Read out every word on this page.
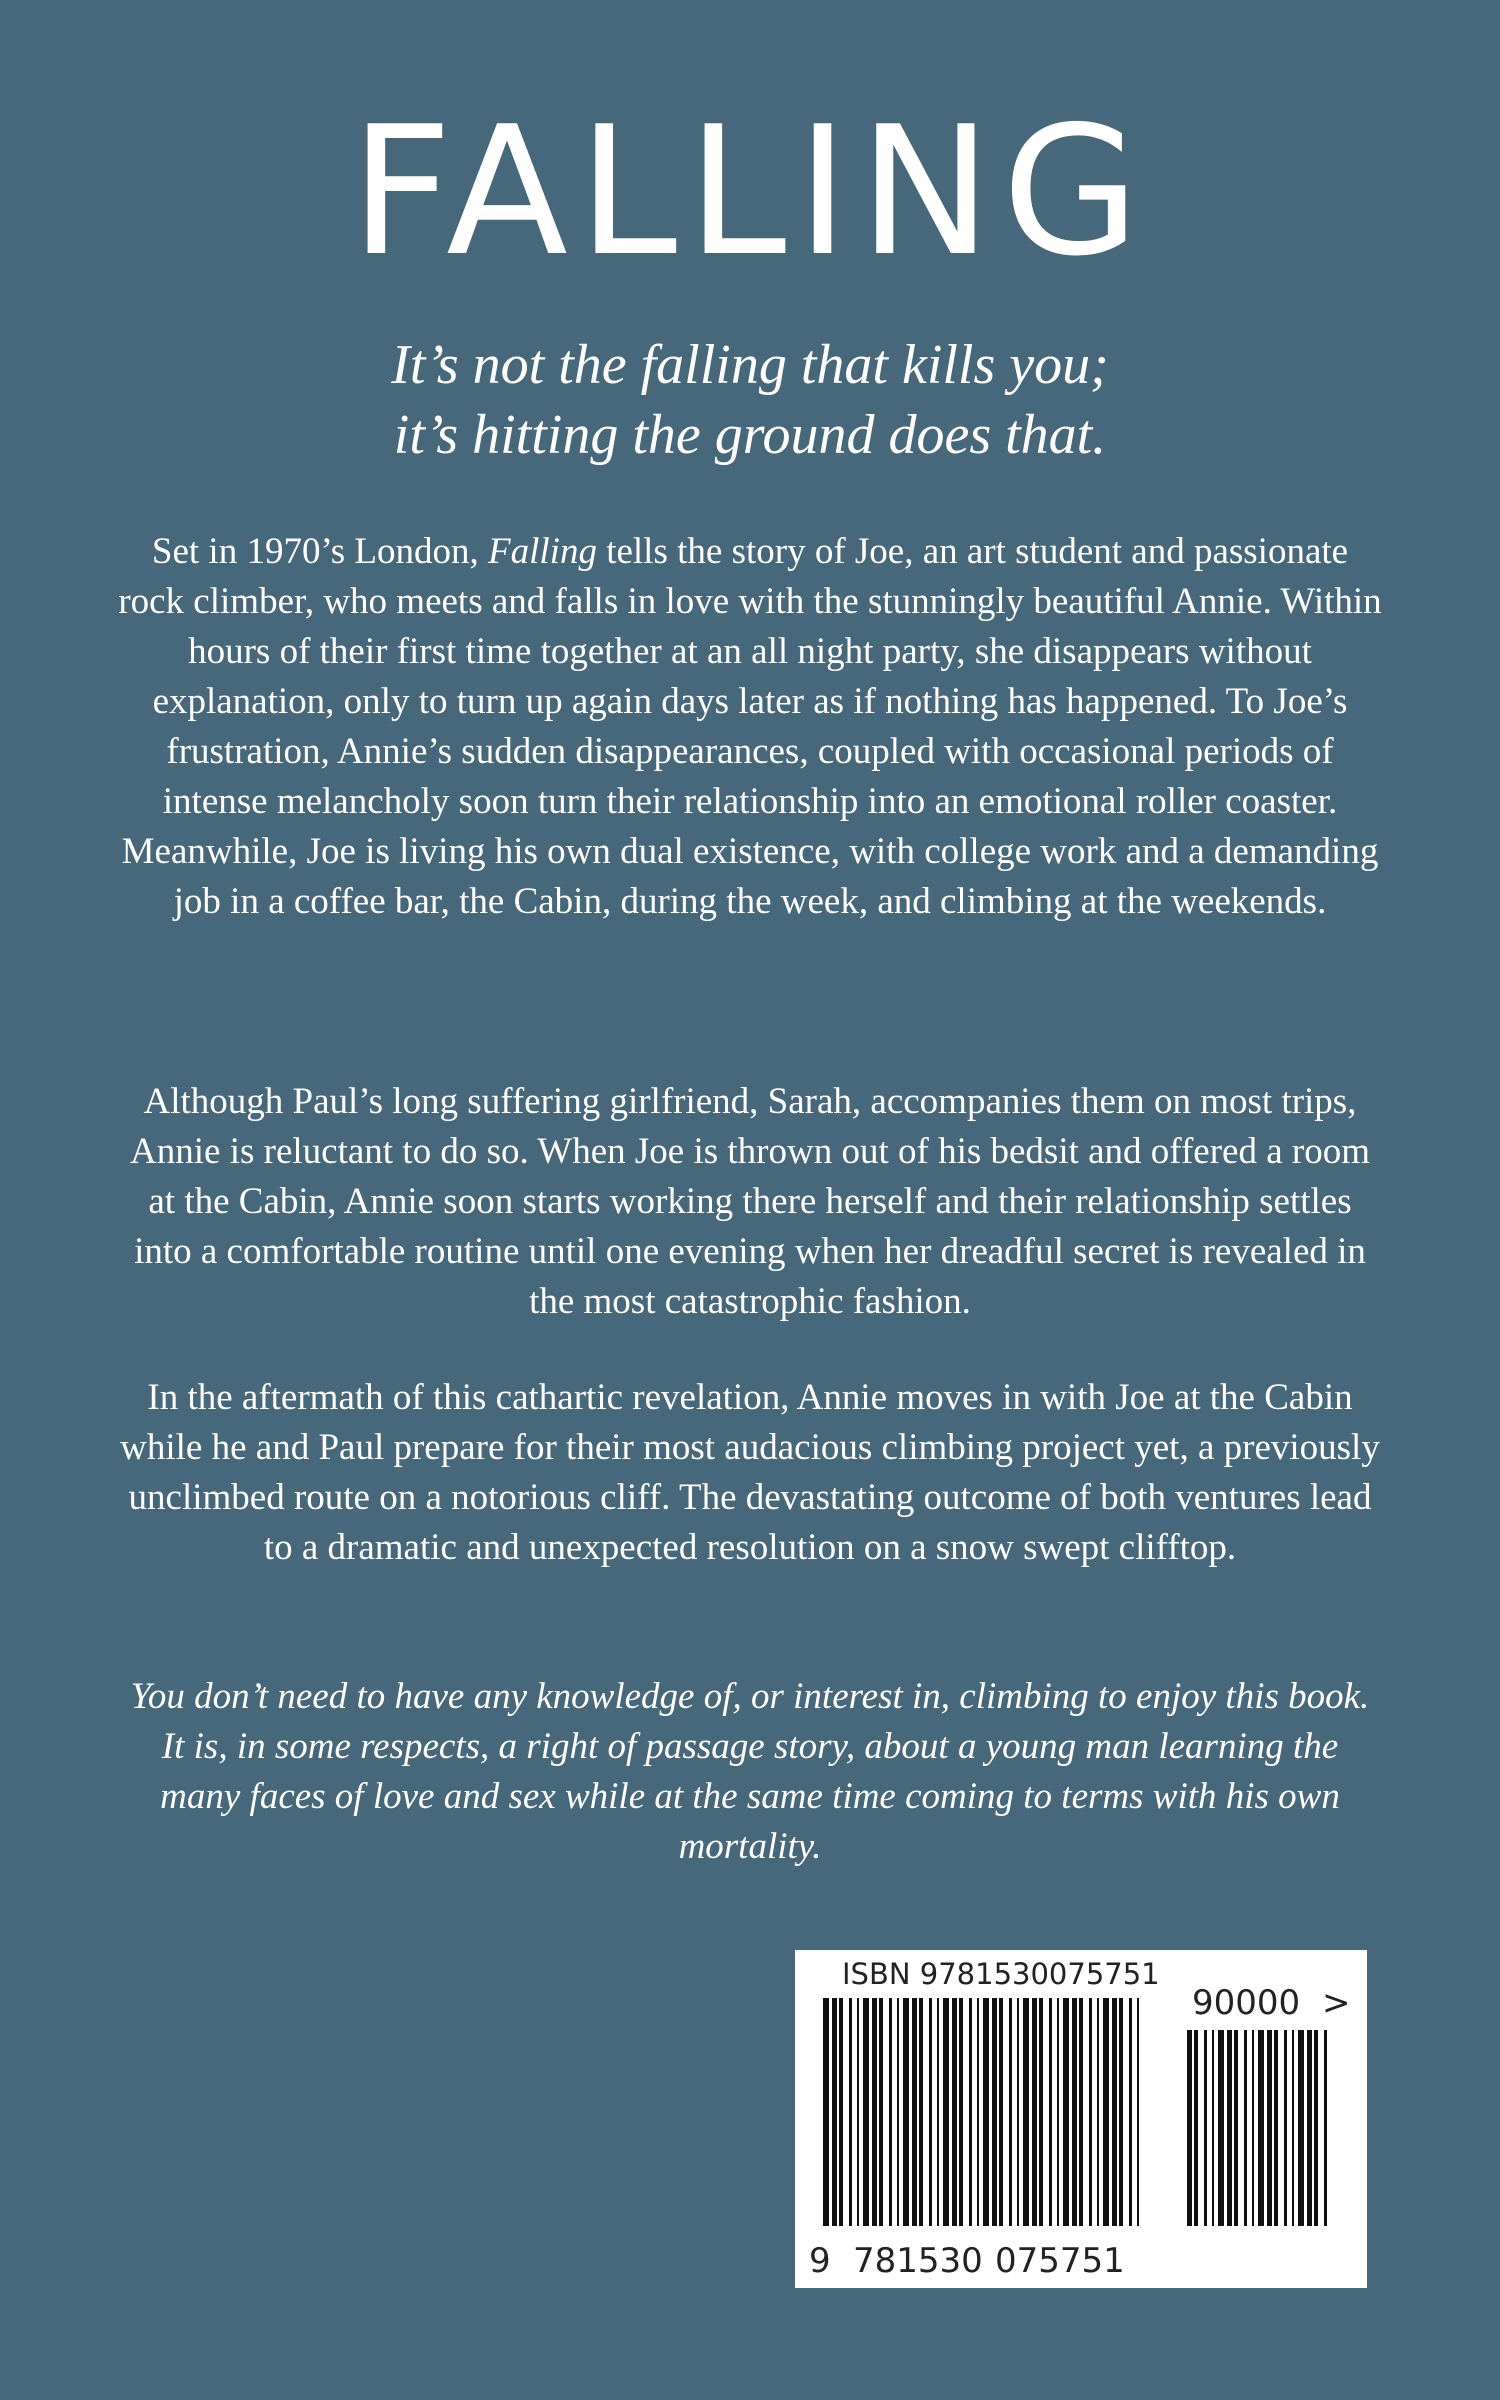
FALLING
It’s not the falling that kills you;
it’s hitting the ground does that.

Set in 1970’s London, Falling tells the story of Joe, an art student and passionate rock climber, who meets and falls in love with the stunningly beautiful Annie. Within hours of their first time together at an all night party, she disappears without explanation, only to turn up again days later as if nothing has happened. To Joe’s frustration, Annie’s sudden disappearances, coupled with occasional periods of intense melancholy soon turn their relationship into an emotional roller coaster. Meanwhile, Joe is living his own dual existence, with college work and a demanding job in a coffee bar, the Cabin, during the week, and climbing at the weekends.

Although Paul’s long suffering girlfriend, Sarah, accompanies them on most trips, Annie is reluctant to do so. When Joe is thrown out of his bedsit and offered a room at the Cabin, Annie soon starts working there herself and their relationship settles into a comfortable routine until one evening when her dreadful secret is revealed in the most catastrophic fashion.

In the aftermath of this cathartic revelation, Annie moves in with Joe at the Cabin while he and Paul prepare for their most audacious climbing project yet, a previously unclimbed route on a notorious cliff. The devastating outcome of both ventures lead to a dramatic and unexpected resolution on a snow swept clifftop.

You don’t need to have any knowledge of, or interest in, climbing to enjoy this book. It is, in some respects, a right of passage story, about a young man learning the many faces of love and sex while at the same time coming to terms with his own mortality.

ISBN 9781530075751
90000 >
9 781530 075751
